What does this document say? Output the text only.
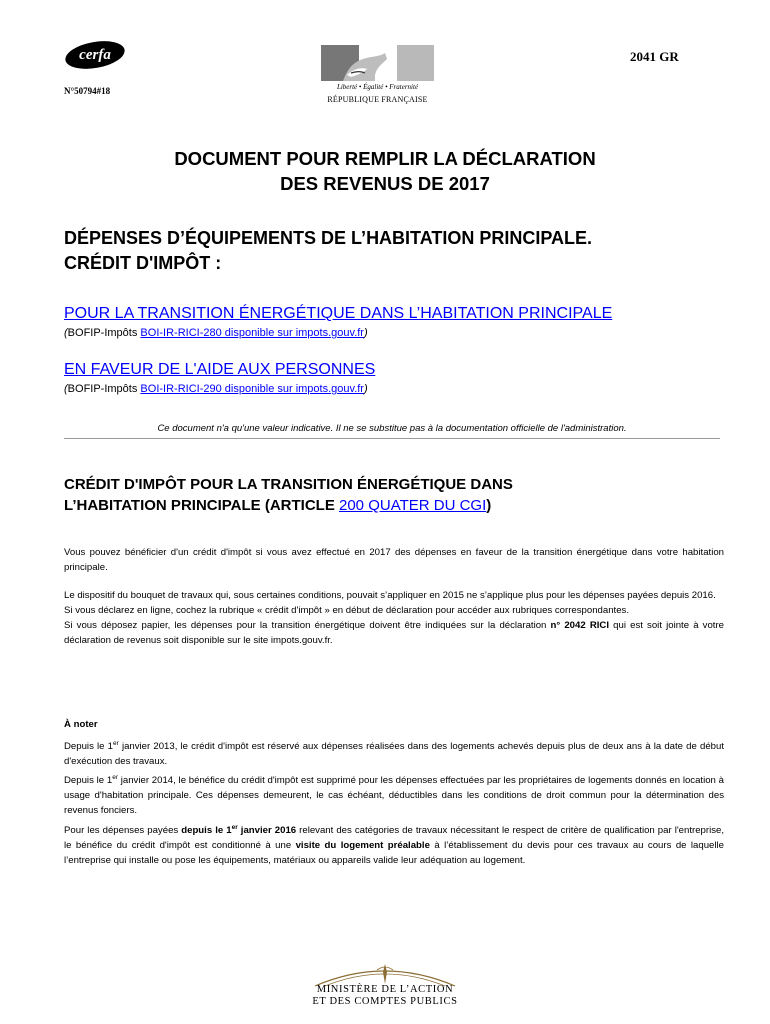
cerfa
N°50794#18	Liberté • Égalité • Fraternité
RÉPUBLIQUE FRANÇAISE
2041 GR
DOCUMENT POUR REMPLIR LA DÉCLARATION
DES REVENUS DE 2017
DÉPENSES D’ÉQUIPEMENTS DE L’HABITATION PRINCIPALE.
CRÉDIT D'IMPÔT :
POUR LA TRANSITION ÉNERGÉTIQUE DANS L’HABITATION PRINCIPALE
(BOFIP-Impôts BOI-IR-RICI-280 disponible sur impots.gouv.fr)
EN FAVEUR DE L'AIDE AUX PERSONNES
(BOFIP-Impôts BOI-IR-RICI-290 disponible sur impots.gouv.fr)
Ce document n'a qu'une valeur indicative. Il ne se substitue pas à la documentation officielle de l'administration.
CRÉDIT D'IMPÔT POUR LA TRANSITION ÉNERGÉTIQUE DANS
L’HABITATION PRINCIPALE (ARTICLE 200 QUATER DU CGI)

Vous pouvez bénéficier d'un crédit d'impôt si vous avez effectué en 2017 des dépenses en faveur de la transition énergétique dans votre habitation principale.

Le dispositif du bouquet de travaux qui, sous certaines conditions, pouvait s’appliquer en 2015 ne s’applique plus pour les dépenses payées depuis 2016.

Si vous déclarez en ligne, cochez la rubrique « crédit d'impôt » en début de déclaration pour accéder aux rubriques correspondantes.

Si vous déposez papier, les dépenses pour la transition énergétique doivent être indiquées sur la déclaration n° 2042 RICI qui est soit jointe à votre déclaration de revenus soit disponible sur le site impots.gouv.fr.

À noter

Depuis le 1er janvier 2013, le crédit d'impôt est réservé aux dépenses réalisées dans des logements achevés depuis plus de deux ans à la date de début d'exécution des travaux.

Depuis le 1er janvier 2014, le bénéfice du crédit d'impôt est supprimé pour les dépenses effectuées par les propriétaires de logements donnés en location à usage d'habitation principale. Ces dépenses demeurent, le cas échéant, déductibles dans les conditions de droit commun pour la détermination des revenus fonciers.

Pour les dépenses payées depuis le 1er janvier 2016 relevant des catégories de travaux nécessitant le respect de critère de qualification par l'entreprise, le bénéfice du crédit d'impôt est conditionné à une visite du logement préalable à l’établissement du devis pour ces travaux au cours de laquelle l’entreprise qui installe ou pose les équipements, matériaux ou appareils valide leur adéquation au logement.

MINISTÈRE DE L’ACTION
ET DES COMPTES PUBLICS
